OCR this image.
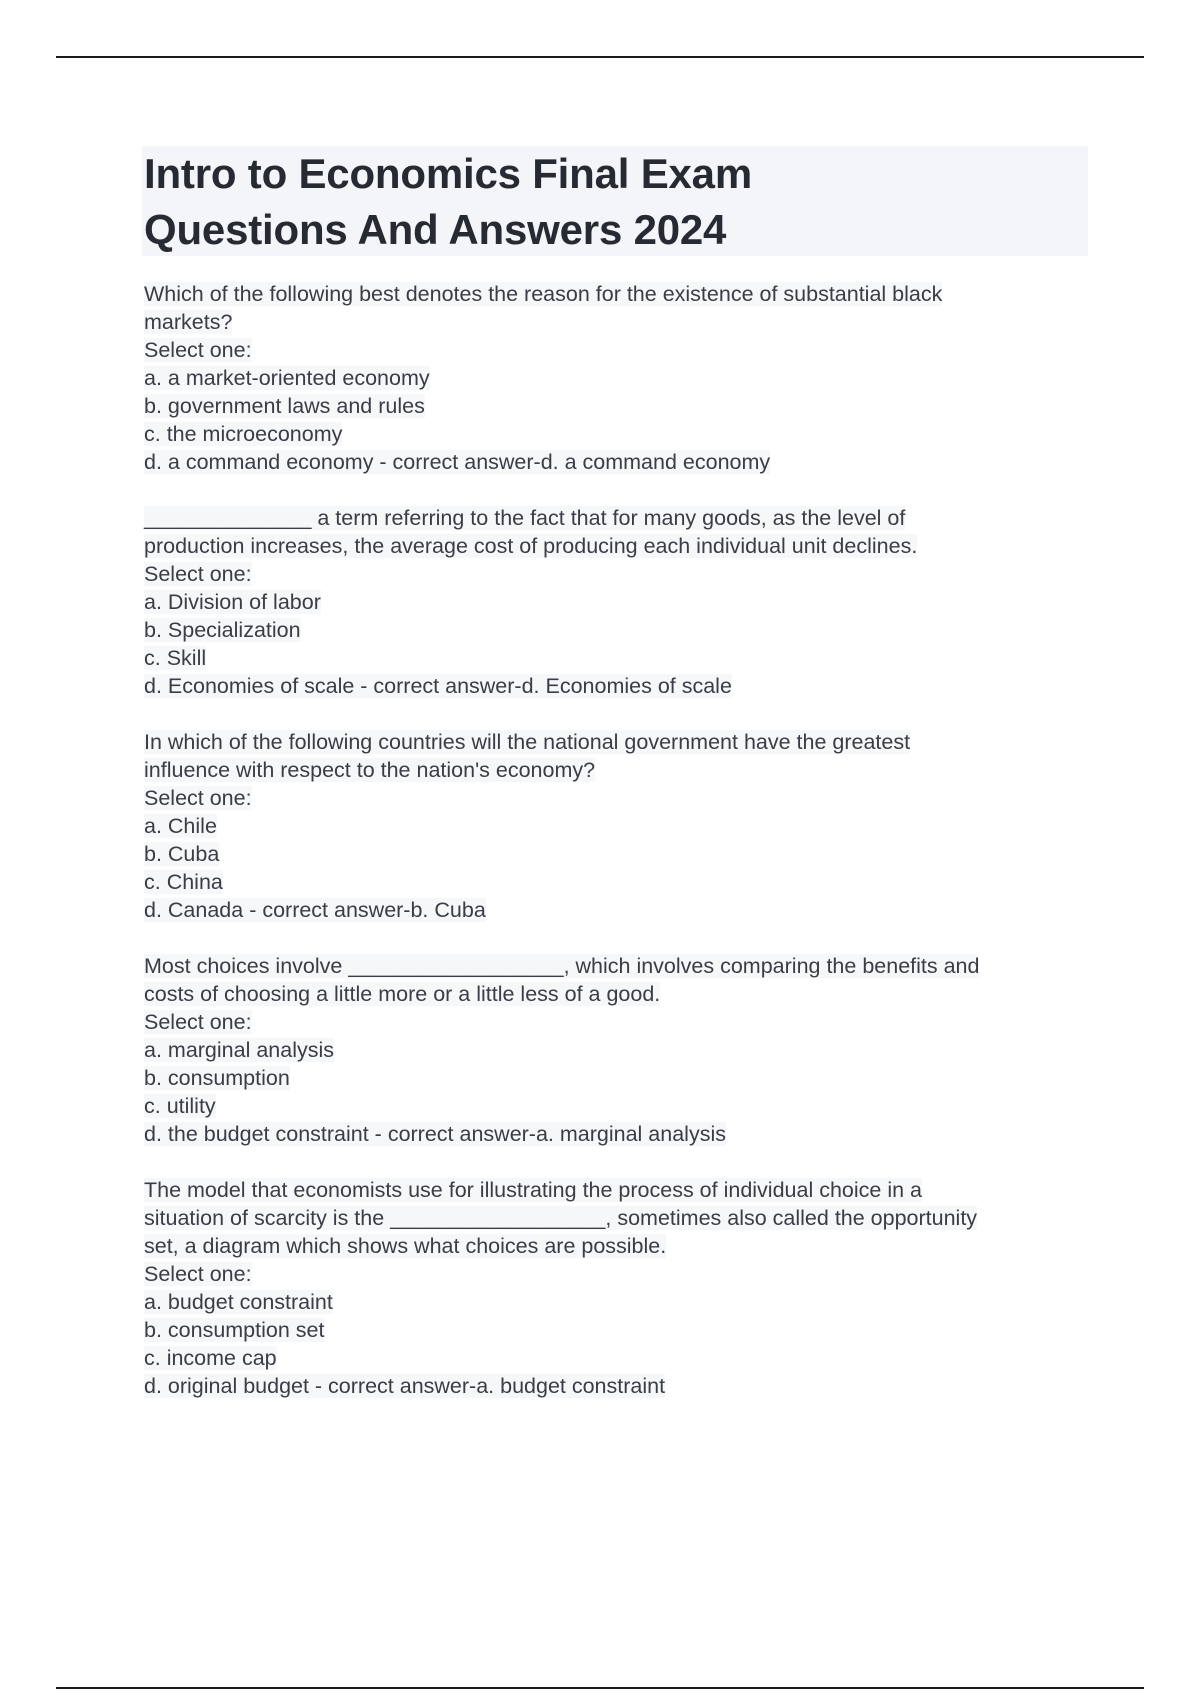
Intro to Economics Final Exam
Questions And Answers 2024
Which of the following best denotes the reason for the existence of substantial black
markets?
Select one:
a. a market-oriented economy
b. government laws and rules
c. the microeconomy
d. a command economy - correct answer-d. a command economy
______________ a term referring to the fact that for many goods, as the level of
production increases, the average cost of producing each individual unit declines.
Select one:
a. Division of labor
b. Specialization
c. Skill
d. Economies of scale - correct answer-d. Economies of scale
In which of the following countries will the national government have the greatest
influence with respect to the nation's economy?
Select one:
a. Chile
b. Cuba
c. China
d. Canada - correct answer-b. Cuba
Most choices involve __________________, which involves comparing the benefits and
costs of choosing a little more or a little less of a good.
Select one:
a. marginal analysis
b. consumption
c. utility
d. the budget constraint - correct answer-a. marginal analysis
The model that economists use for illustrating the process of individual choice in a
situation of scarcity is the __________________, sometimes also called the opportunity
set, a diagram which shows what choices are possible.
Select one:
a. budget constraint
b. consumption set
c. income cap
d. original budget - correct answer-a. budget constraint
